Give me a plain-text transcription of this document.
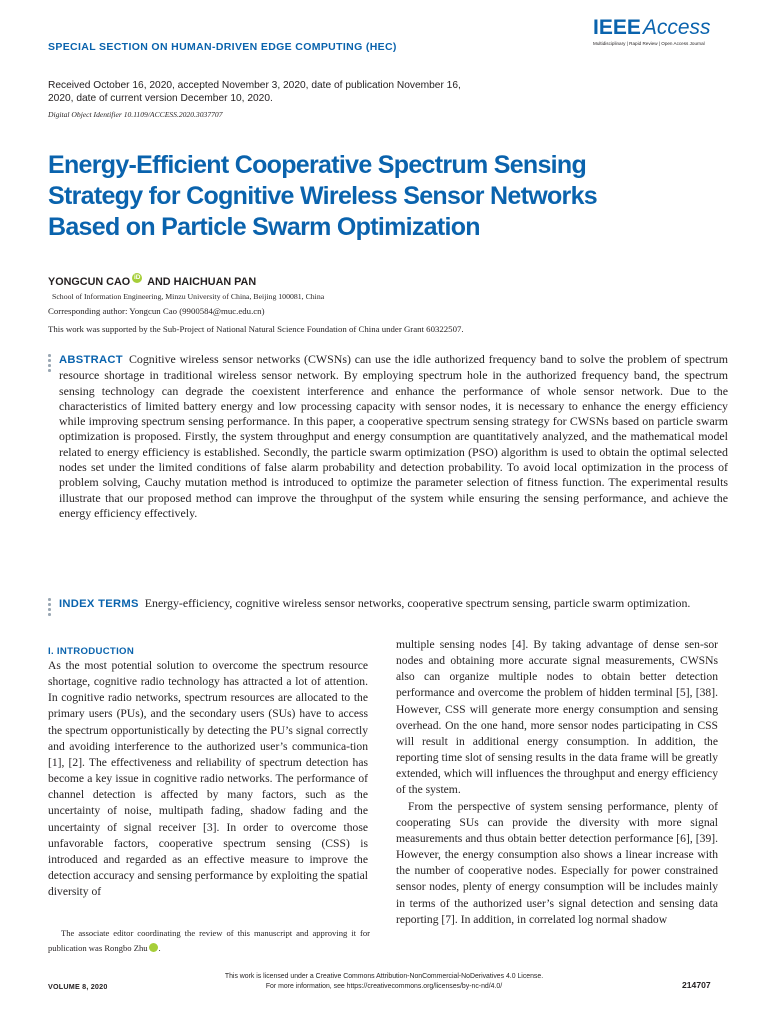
SPECIAL SECTION ON HUMAN-DRIVEN EDGE COMPUTING (HEC)
IEEEAccess
Multidisciplinary | Rapid Review | Open Access Journal
Received October 16, 2020, accepted November 3, 2020, date of publication November 16, 2020, date of current version December 10, 2020.
Digital Object Identifier 10.1109/ACCESS.2020.3037707
Energy-Efficient Cooperative Spectrum Sensing Strategy for Cognitive Wireless Sensor Networks Based on Particle Swarm Optimization
YONGCUN CAO iD AND HAICHUAN PAN
School of Information Engineering, Minzu University of China, Beijing 100081, China
Corresponding author: Yongcun Cao (9900584@muc.edu.cn)
This work was supported by the Sub-Project of National Natural Science Foundation of China under Grant 60322507.
ABSTRACT Cognitive wireless sensor networks (CWSNs) can use the idle authorized frequency band to solve the problem of spectrum resource shortage in traditional wireless sensor network. By employing spectrum hole in the authorized frequency band, the spectrum sensing technology can degrade the coexistent interference and enhance the performance of whole sensor network. Due to the characteristics of limited battery energy and low processing capacity with sensor nodes, it is necessary to enhance the energy efficiency while improving spectrum sensing performance. In this paper, a cooperative spectrum sensing strategy for CWSNs based on particle swarm optimization is proposed. Firstly, the system throughput and energy consumption are quantitatively analyzed, and the mathematical model related to energy efficiency is established. Secondly, the particle swarm optimization (PSO) algorithm is used to obtain the optimal selected nodes set under the limited conditions of false alarm probability and detection probability. To avoid local optimization in the process of problem solving, Cauchy mutation method is introduced to optimize the parameter selection of fitness function. The experimental results illustrate that our proposed method can improve the throughput of the system while ensuring the sensing performance, and achieve the energy efficiency effectively.
INDEX TERMS Energy-efficiency, cognitive wireless sensor networks, cooperative spectrum sensing, particle swarm optimization.
I. INTRODUCTION

As the most potential solution to overcome the spectrum resource shortage, cognitive radio technology has attracted a lot of attention. In cognitive radio networks, spectrum resources are allocated to the primary users (PUs), and the secondary users (SUs) have to access the spectrum opportunistically by detecting the PU’s signal correctly and avoiding interference to the authorized user’s communica-tion [1], [2]. The effectiveness and reliability of spectrum detection has become a key issue in cognitive radio networks. The performance of channel detection is affected by many factors, such as the uncertainty of noise, multipath fading, shadow fading and the uncertainty of signal receiver [3]. In order to overcome those unfavorable factors, cooperative spectrum sensing (CSS) is introduced and regarded as an effective measure to improve the detection accuracy and sensing performance by exploiting the spatial diversity of

multiple sensing nodes [4]. By taking advantage of dense sen-sor nodes and obtaining more accurate signal measurements, CWSNs also can organize multiple nodes to obtain better detection performance and overcome the problem of hidden terminal [5], [38]. However, CSS will generate more energy consumption and sensing overhead. On the one hand, more sensor nodes participating in CSS will result in additional energy consumption. In addition, the reporting time slot of sensing results in the data frame will be greatly extended, which will influences the throughput and energy efficiency of the system.

From the perspective of system sensing performance, plenty of cooperating SUs can provide the diversity with more signal measurements and thus obtain better detection performance [6], [39]. However, the energy consumption also shows a linear increase with the number of cooperative nodes. Especially for power constrained sensor nodes, plenty of energy consumption will be includes mainly in terms of the authorized user’s signal detection and sensing data reporting [7]. In addition, in correlated log normal shadow

The associate editor coordinating the review of this manuscript and approving it for publication was Rongbo Zhu iD.

This work is licensed under a Creative Commons Attribution-NonCommercial-NoDerivatives 4.0 License.
For more information, see https://creativecommons.org/licenses/by-nc-nd/4.0/
VOLUME 8, 2020	214707
